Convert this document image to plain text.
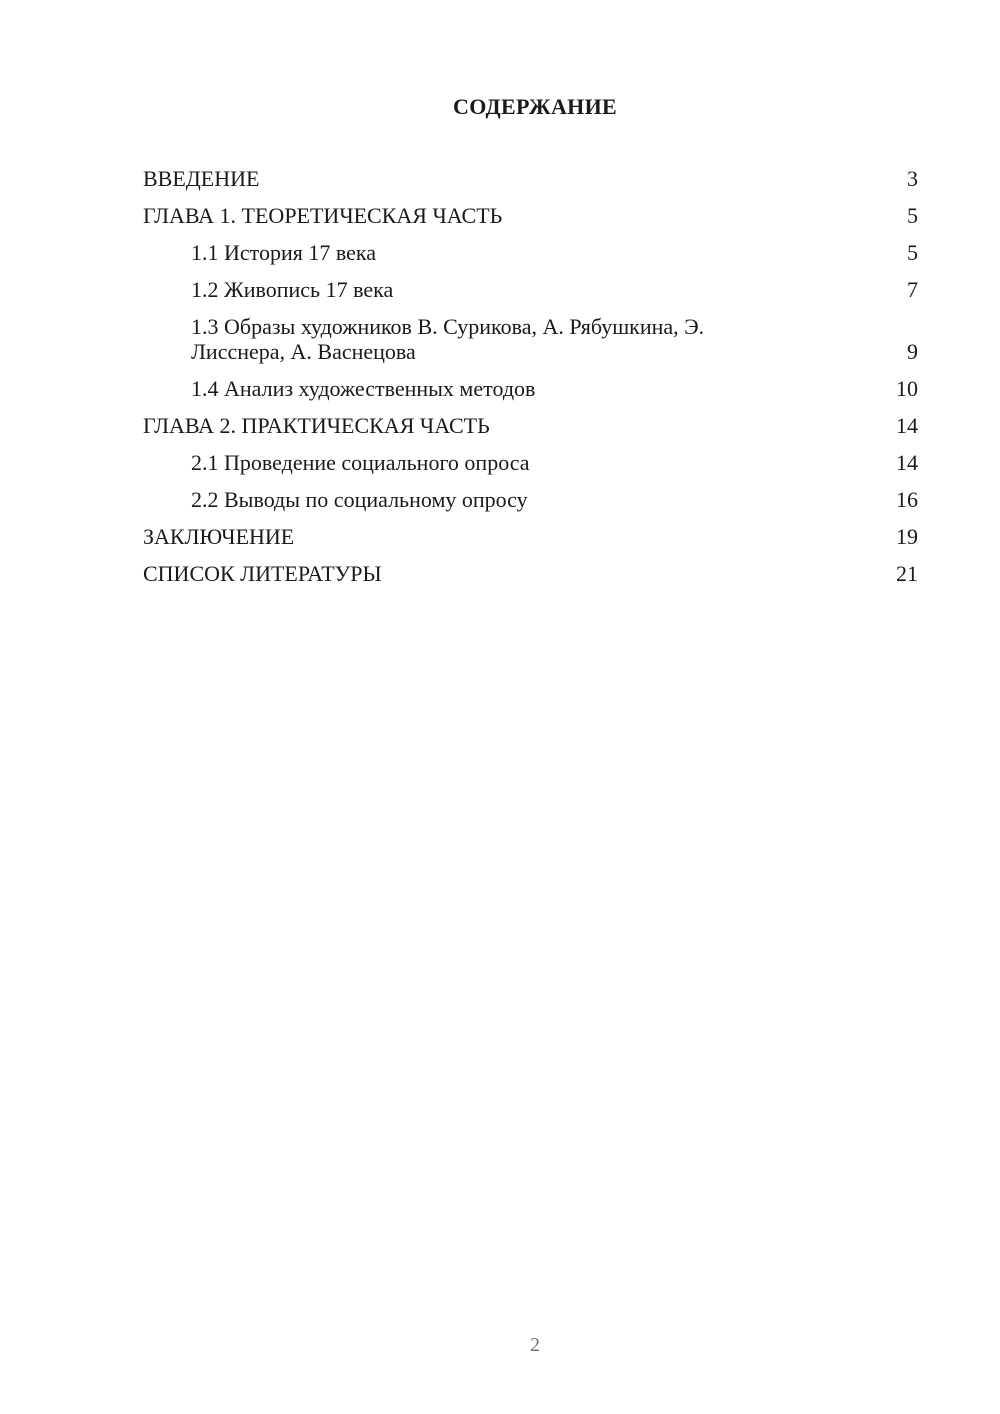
СОДЕРЖАНИЕ
ВВЕДЕНИЕ	3
ГЛАВА 1. ТЕОРЕТИЧЕСКАЯ ЧАСТЬ	5
1.1 История 17 века	5
1.2 Живопись 17 века	7
1.3 Образы художников В. Сурикова, А. Рябушкина, Э. Лисснера, А. Васнецова	9
1.4 Анализ художественных методов	10
ГЛАВА 2. ПРАКТИЧЕСКАЯ ЧАСТЬ	14
2.1 Проведение социального опроса	14
2.2 Выводы по социальному опросу	16
ЗАКЛЮЧЕНИЕ	19
СПИСОК ЛИТЕРАТУРЫ	21
2
